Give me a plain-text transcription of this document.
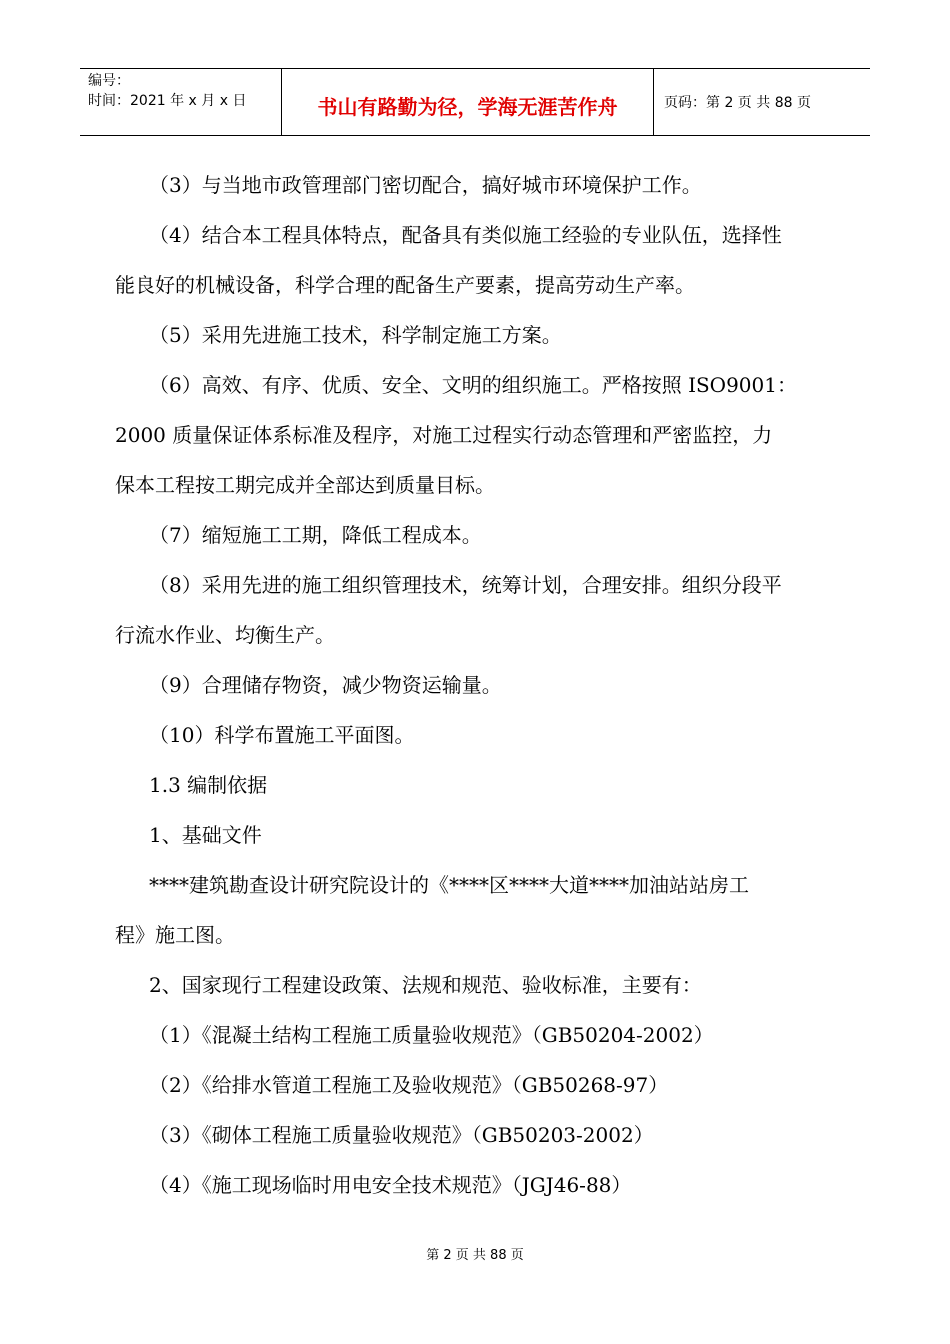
编号：
时间：2021 年 x 月 x 日	书山有路勤为径，学海无涯苦作舟	页码：第 2 页 共 88 页
（3）与当地市政管理部门密切配合，搞好城市环境保护工作。
（4）结合本工程具体特点，配备具有类似施工经验的专业队伍，选择性
能良好的机械设备，科学合理的配备生产要素，提高劳动生产率。
（5）采用先进施工技术，科学制定施工方案。
（6）高效、有序、优质、安全、文明的组织施工。严格按照 ISO9001：
2000 质量保证体系标准及程序，对施工过程实行动态管理和严密监控，力
保本工程按工期完成并全部达到质量目标。
（7）缩短施工工期，降低工程成本。
（8）采用先进的施工组织管理技术，统筹计划，合理安排。组织分段平
行流水作业、均衡生产。
（9）合理储存物资，减少物资运输量。
（10）科学布置施工平面图。
1.3 编制依据
1、基础文件
****建筑勘查设计研究院设计的《****区****大道****加油站站房工
程》施工图。
2、国家现行工程建设政策、法规和规范、验收标准，主要有：
（1）《混凝土结构工程施工质量验收规范》（GB50204-2002）
（2）《给排水管道工程施工及验收规范》（GB50268-97）
（3）《砌体工程施工质量验收规范》（GB50203-2002）
（4）《施工现场临时用电安全技术规范》（JGJ46-88）
第 2 页 共 88 页
